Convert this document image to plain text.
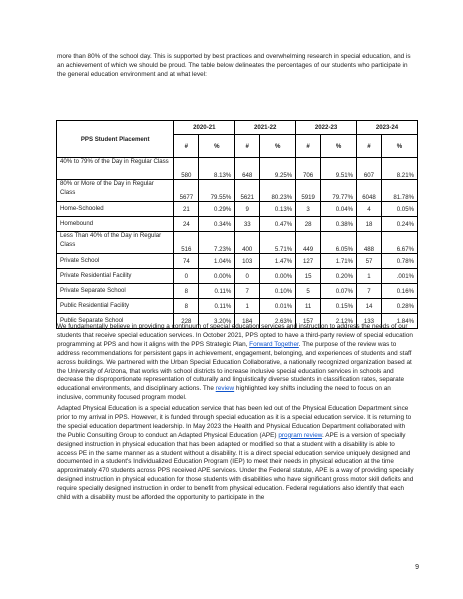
more than 80% of the school day. This is supported by best practices and overwhelming research in special education, and is an achievement of which we should be proud. The table below delineates the percentages of our students who participate in the general education environment and at what level:

PPS Student Placement	2020-21		2021-22		2022-23		2023-24	
	#	%	#	%	#	%	#	%
40% to 79% of the Day in Regular Class	580	8.13%	648	9.25%	706	9.51%	607	8.21%
80% or More of the Day in Regular Class	5677	79.55%	5621	80.23%	5919	79.77%	6048	81.78%
Home-Schooled	21	0.29%	9	0.13%	3	0.04%	4	0.05%
Homebound	24	0.34%	33	0.47%	28	0.38%	18	0.24%
Less Than 40% of the Day in Regular Class	516	7.23%	400	5.71%	449	6.05%	488	6.67%
Private School	74	1.04%	103	1.47%	127	1.71%	57	0.78%
Private Residential Facility	0	0.00%	0	0.00%	15	0.20%	1	.001%
Private Separate School	8	0.11%	7	0.10%	5	0.07%	7	0.16%
Public Residential Facility	8	0.11%	1	0.01%	11	0.15%	14	0.28%
Public Separate School	228	3.20%	184	2.63%	157	2.12%	133	1.84%

We fundamentally believe in providing a continuum of special education services and instruction to address the needs of our students that receive special education services. In October 2021, PPS opted to have a third-party review of special education programming at PPS and how it aligns with the PPS Strategic Plan, Forward Together. The purpose of the review was to address recommendations for persistent gaps in achievement, engagement, belonging, and experiences of students and staff across buildings. We partnered with the Urban Special Education Collaborative, a nationally recognized organization based at the University of Arizona, that works with school districts to increase inclusive special education services in schools and decrease the disproportionate representation of culturally and linguistically diverse students in classification rates, separate educational environments, and disciplinary actions. The review highlighted key shifts including the need to focus on an inclusive, community focused program model.

Adapted Physical Education is a special education service that has been led out of the Physical Education Department since prior to my arrival in PPS. However, it is funded through special education as it is a special education service. It is returning to the special education department leadership. In May 2023 the Health and Physical Education Department collaborated with the Public Consulting Group to conduct an Adapted Physical Education (APE) program review. APE is a version of specially designed instruction in physical education that has been adapted or modified so that a student with a disability is able to access PE in the same manner as a student without a disability. It is a direct special education service uniquely designed and documented in a student's Individualized Education Program (IEP) to meet their needs in physical education at the time approximately 470 students across PPS received APE services. Under the Federal statute, APE is a way of providing specially designed instruction in physical education for those students with disabilities who have significant gross motor skill deficits and require specially designed instruction in order to benefit from physical education. Federal regulations also identify that each child with a disability must be afforded the opportunity to participate in the

9
